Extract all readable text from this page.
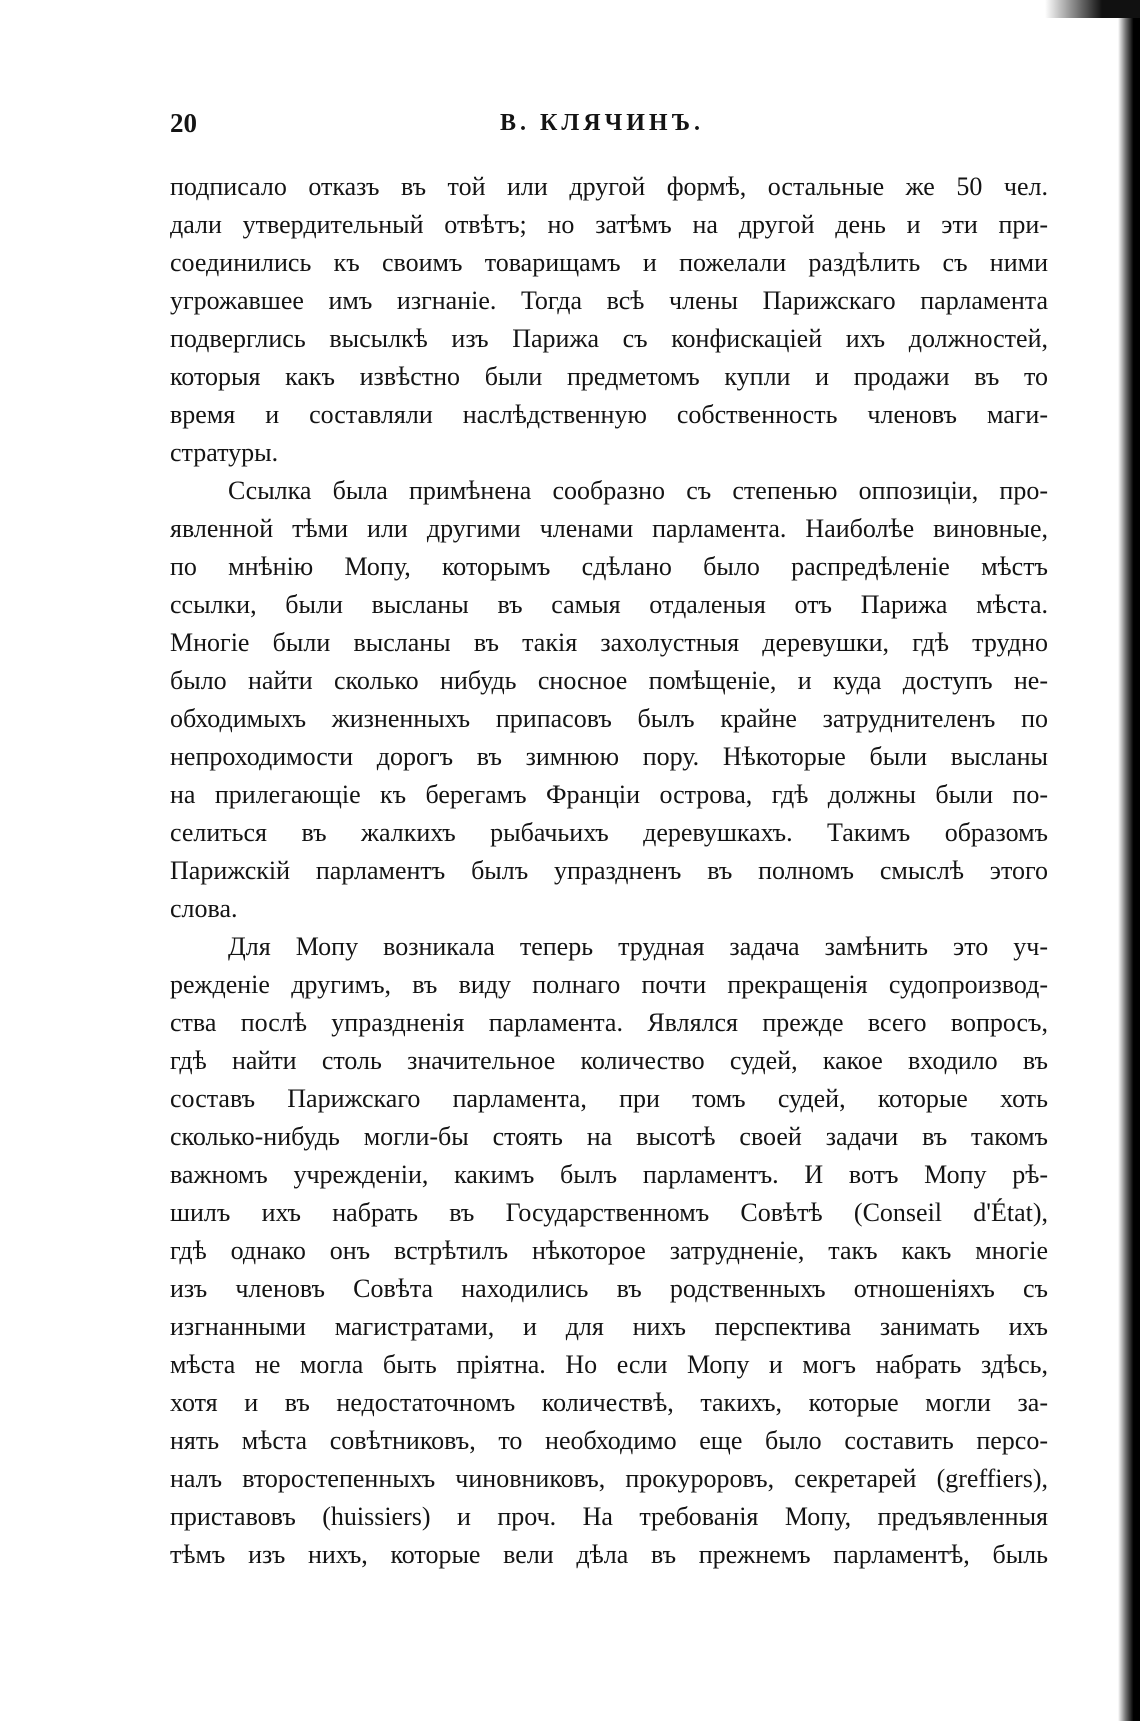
20	В. КЛЯЧИНЪ.
подписало отказъ въ той или другой формѣ, остальные же 50 чел.
дали утвердительный отвѣтъ; но затѣмъ на другой день и эти при-
соединились къ своимъ товарищамъ и пожелали раздѣлить съ ними
угрожавшее имъ изгнаніе. Тогда всѣ члены Парижскаго парламента
подверглись высылкѣ изъ Парижа съ конфискаціей ихъ должностей,
которыя какъ извѣстно были предметомъ купли и продажи въ то
время и составляли наслѣдственную собственность членовъ маги-
стратуры.
Ссылка была примѣнена сообразно съ степенью оппозиціи, про-
явленной тѣми или другими членами парламента. Наиболѣе виновные,
по мнѣнію Мопу, которымъ сдѣлано было распредѣленіе мѣстъ
ссылки, были высланы въ самыя отдаленыя отъ Парижа мѣста.
Многіе были высланы въ такія захолустныя деревушки, гдѣ трудно
было найти сколько нибудь сносное помѣщеніе, и куда доступъ не-
обходимыхъ жизненныхъ припасовъ былъ крайне затруднителенъ по
непроходимости дорогъ въ зимнюю пору. Нѣкоторые были высланы
на прилегающіе къ берегамъ Франціи острова, гдѣ должны были по-
селиться въ жалкихъ рыбачьихъ деревушкахъ. Такимъ образомъ
Парижскій парламентъ былъ упраздненъ въ полномъ смыслѣ этого
слова.
Для Мопу возникала теперь трудная задача замѣнить это уч-
режденіе другимъ, въ виду полнаго почти прекращенія судопроизвод-
ства послѣ упраздненія парламента. Являлся прежде всего вопросъ,
гдѣ найти столь значительное количество судей, какое входило въ
составъ Парижскаго парламента, при томъ судей, которые хоть
сколько-нибудь могли-бы стоять на высотѣ своей задачи въ такомъ
важномъ учрежденіи, какимъ былъ парламентъ. И вотъ Мопу рѣ-
шилъ ихъ набрать въ Государственномъ Совѣтѣ (Conseil d'État),
гдѣ однако онъ встрѣтилъ нѣкоторое затрудненіе, такъ какъ многіе
изъ членовъ Совѣта находились въ родственныхъ отношеніяхъ съ
изгнанными магистратами, и для нихъ перспектива занимать ихъ
мѣста не могла быть пріятна. Но если Мопу и могъ набрать здѣсь,
хотя и въ недостаточномъ количествѣ, такихъ, которые могли за-
нять мѣста совѣтниковъ, то необходимо еще было составить персо-
налъ второстепенныхъ чиновниковъ, прокуроровъ, секретарей (greffiers),
приставовъ (huissiers) и проч. На требованія Мопу, предъявленныя
тѣмъ изъ нихъ, которые вели дѣла въ прежнемъ парламентѣ, быль
